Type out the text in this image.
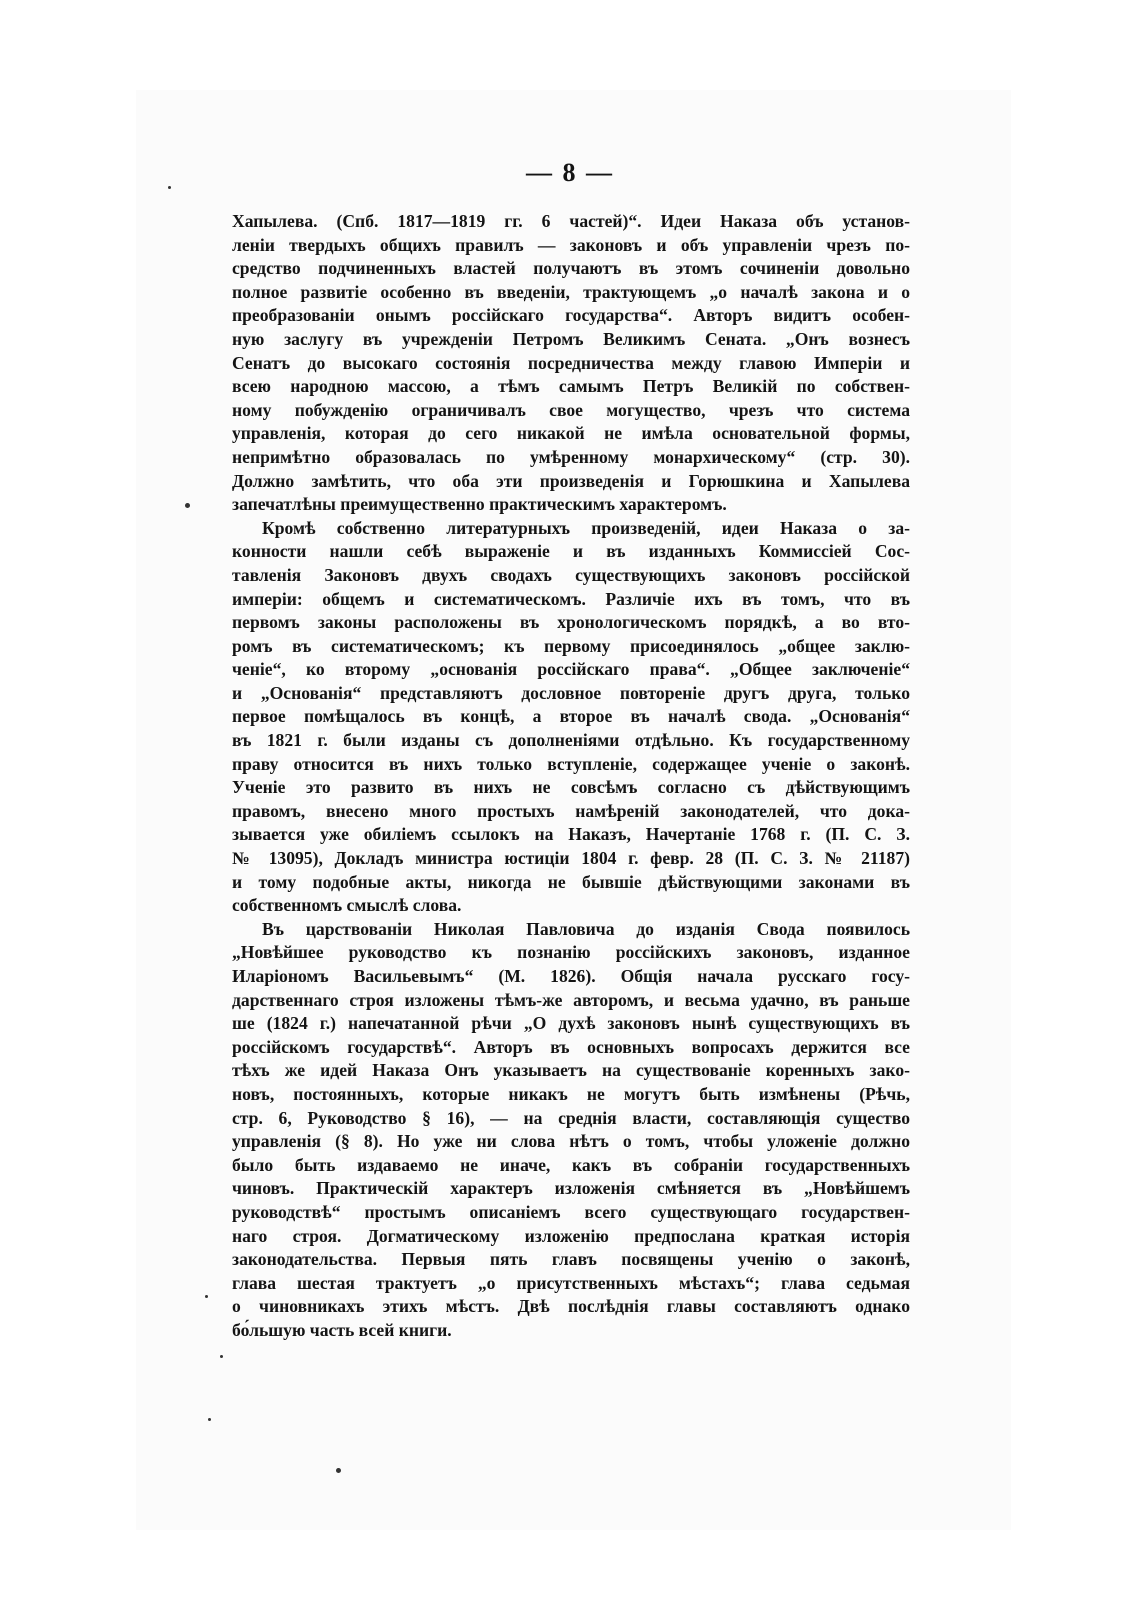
— 8 —
Хапылева. (Спб. 1817—1819 гг. 6 частей)“. Идеи Наказа объ установ-
леніи твердыхъ общихъ правилъ — законовъ и объ управленіи чрезъ по-
средство подчиненныхъ властей получаютъ въ этомъ сочиненіи довольно
полное развитіе особенно въ введеніи, трактующемъ „о началѣ закона и о
преобразованіи онымъ россійскаго государства“. Авторъ видитъ особен-
ную заслугу въ учрежденіи Петромъ Великимъ Сената. „Онъ вознесъ
Сенатъ до высокаго состоянія посредничества между главою Имперіи и
всею народною массою, а тѣмъ самымъ Петръ Великій по собствен-
ному побужденію ограничивалъ свое могущество, чрезъ что система
управленія, которая до сего никакой не имѣла основательной формы,
непримѣтно образовалась по умѣренному монархическому“ (стр. 30).
Должно замѣтить, что оба эти произведенія и Горюшкина и Хапылева
запечатлѣны преимущественно практическимъ характеромъ.
Кромѣ собственно литературныхъ произведеній, идеи Наказа о за-
конности нашли себѣ выраженіе и въ изданныхъ Коммиссіей Сос-
тавленія Законовъ двухъ сводахъ существующихъ законовъ россійской
имперіи: общемъ и систематическомъ. Различіе ихъ въ томъ, что въ
первомъ законы расположены въ хронологическомъ порядкѣ, а во вто-
ромъ въ систематическомъ; къ первому присоединялось „общее заклю-
ченіе“, ко второму „основанія россійскаго права“. „Общее заключеніе“
и „Основанія“ представляютъ дословное повтореніе другъ друга, только
первое помѣщалось въ концѣ, а второе въ началѣ свода. „Основанія“
въ 1821 г. были изданы съ дополненіями отдѣльно. Къ государственному
праву относится въ нихъ только вступленіе, содержащее ученіе о законѣ.
Ученіе это развито въ нихъ не совсѣмъ согласно съ дѣйствующимъ
правомъ, внесено много простыхъ намѣреній законодателей, что дока-
зывается уже обиліемъ ссылокъ на Наказъ, Начертаніе 1768 г. (П. С. З.
№ 13095), Докладъ министра юстиціи 1804 г. февр. 28 (П. С. З. № 21187)
и тому подобные акты, никогда не бывшіе дѣйствующими законами въ
собственномъ смыслѣ слова.
Въ царствованіи Николая Павловича до изданія Свода появилось
„Новѣйшее руководство къ познанію россійскихъ законовъ, изданное
Иларіономъ Васильевымъ“ (М. 1826). Общія начала русскаго госу-
дарственнаго строя изложены тѣмъ-же авторомъ, и весьма удачно, въ раньше
ше (1824 г.) напечатанной рѣчи „О духѣ законовъ нынѣ существующихъ въ
россійскомъ государствѣ“. Авторъ въ основныхъ вопросахъ держится все
тѣхъ же идей Наказа Онъ указываетъ на существованіе коренныхъ зако-
новъ, постоянныхъ, которые никакъ не могутъ быть измѣнены (Рѣчь,
стр. 6, Руководство § 16), — на среднія власти, составляющія существо
управленія (§ 8). Но уже ни слова нѣтъ о томъ, чтобы уложеніе должно
было быть издаваемо не иначе, какъ въ собраніи государственныхъ
чиновъ. Практическій характеръ изложенія смѣняется въ „Новѣйшемъ
руководствѣ“ простымъ описаніемъ всего существующаго государствен-
наго строя. Догматическому изложенію предпослана краткая исторія
законодательства. Первыя пять главъ посвящены ученію о законѣ,
глава шестая трактуетъ „о присутственныхъ мѣстахъ“; глава седьмая
о чиновникахъ этихъ мѣстъ. Двѣ послѣднія главы составляютъ однако
бо́льшую часть всей книги.
